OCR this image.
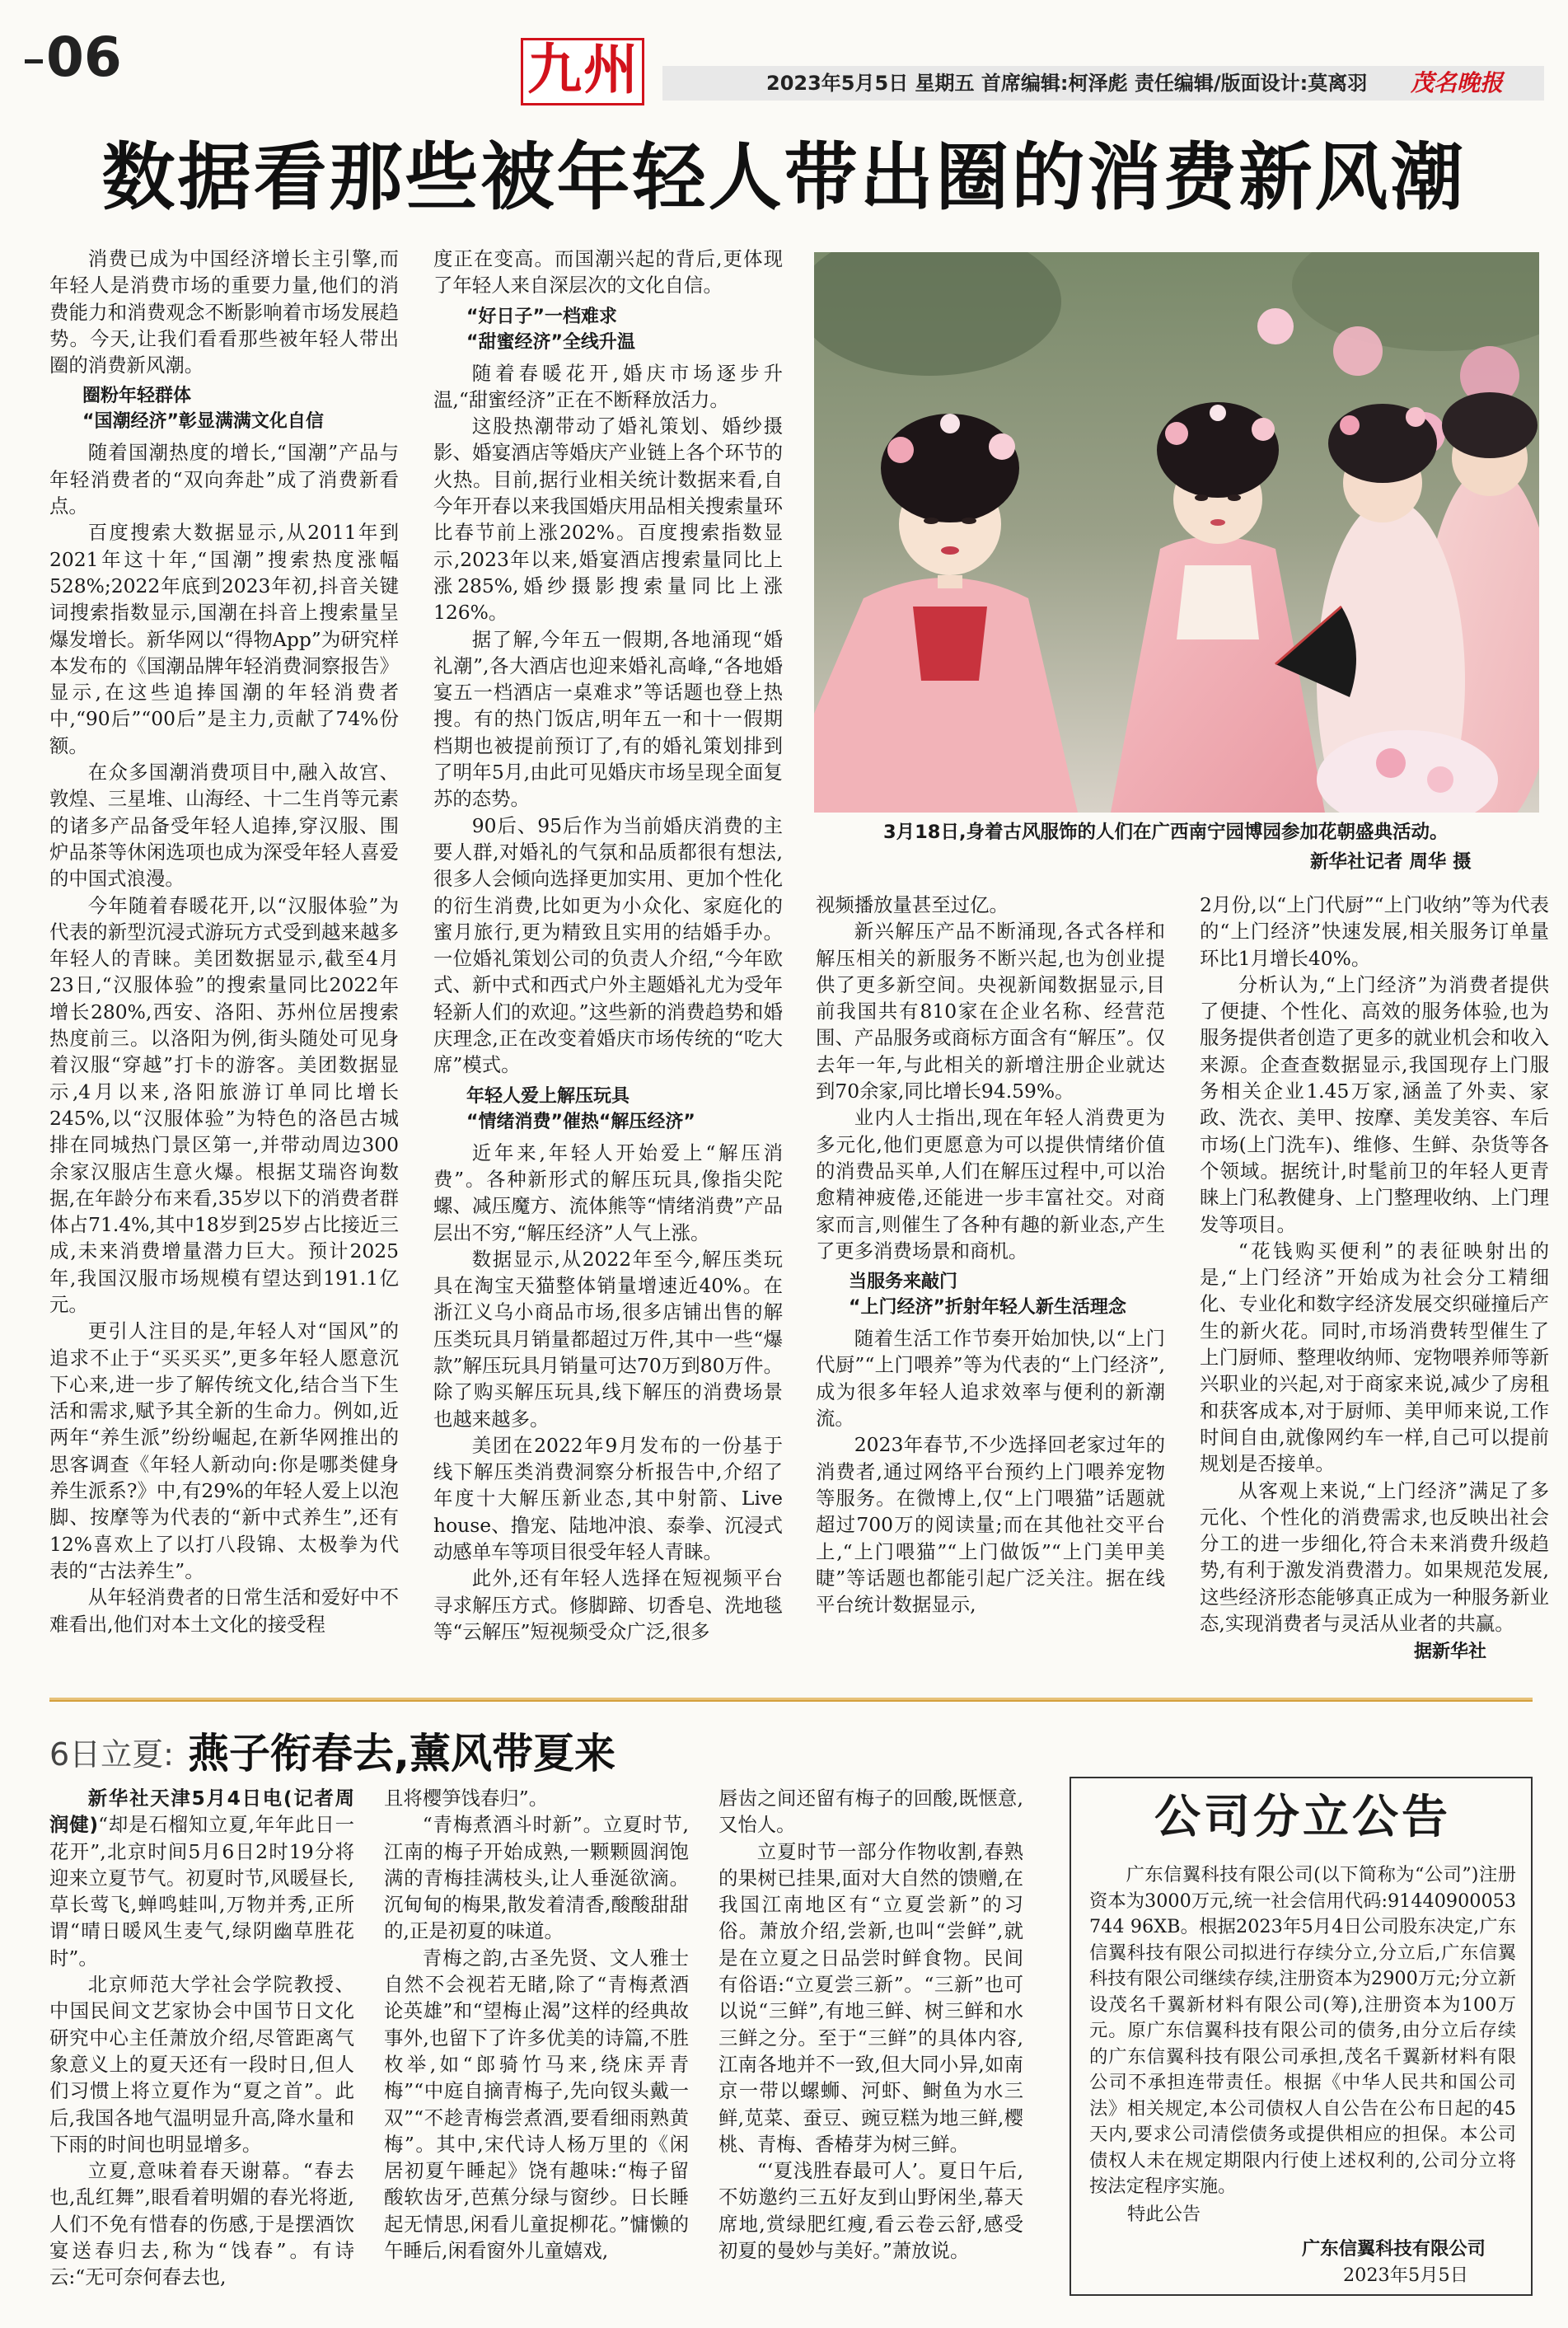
06	九州	2023年5月5日 星期五 首席编辑:柯泽彪 责任编辑/版面设计:莫离羽 茂名晚报
数据看那些被年轻人带出圈的消费新风潮
3月18日,身着古风服饰的人们在广西南宁园博园参加花朝盛典活动。
新华社记者 周华 摄

消费已成为中国经济增长主引擎,而年轻人是消费市场的重要力量,他们的消费能力和消费观念不断影响着市场发展趋势。今天,让我们看看那些被年轻人带出圈的消费新风潮。

圈粉年轻群体
“国潮经济”彰显满满文化自信

随着国潮热度的增长,“国潮”产品与年轻消费者的“双向奔赴”成了消费新看点。

百度搜索大数据显示,从2011年到2021年这十年,“国潮”搜索热度涨幅528%;2022年底到2023年初,抖音关键词搜索指数显示,国潮在抖音上搜索量呈爆发增长。新华网以“得物App”为研究样本发布的《国潮品牌年轻消费洞察报告》显示,在这些追捧国潮的年轻消费者中,“90后”“00后”是主力,贡献了74%份额。

在众多国潮消费项目中,融入故宫、敦煌、三星堆、山海经、十二生肖等元素的诸多产品备受年轻人追捧,穿汉服、围炉品茶等休闲选项也成为深受年轻人喜爱的中国式浪漫。

今年随着春暖花开,以“汉服体验”为代表的新型沉浸式游玩方式受到越来越多年轻人的青睐。美团数据显示,截至4月23日,“汉服体验”的搜索量同比2022年增长280%,西安、洛阳、苏州位居搜索热度前三。以洛阳为例,街头随处可见身着汉服“穿越”打卡的游客。美团数据显示,4月以来,洛阳旅游订单同比增长245%,以“汉服体验”为特色的洛邑古城排在同城热门景区第一,并带动周边300余家汉服店生意火爆。根据艾瑞咨询数据,在年龄分布来看,35岁以下的消费者群体占71.4%,其中18岁到25岁占比接近三成,未来消费增量潜力巨大。预计2025年,我国汉服市场规模有望达到191.1亿元。

更引人注目的是,年轻人对“国风”的追求不止于“买买买”,更多年轻人愿意沉下心来,进一步了解传统文化,结合当下生活和需求,赋予其全新的生命力。例如,近两年“养生派”纷纷崛起,在新华网推出的思客调查《年轻人新动向:你是哪类健身养生派系?》中,有29%的年轻人爱上以泡脚、按摩等为代表的“新中式养生”,还有12%喜欢上了以打八段锦、太极拳为代表的“古法养生”。

从年轻消费者的日常生活和爱好中不难看出,他们对本土文化的接受程

度正在变高。而国潮兴起的背后,更体现了年轻人来自深层次的文化自信。

“好日子”一档难求
“甜蜜经济”全线升温

随着春暖花开,婚庆市场逐步升温,“甜蜜经济”正在不断释放活力。

这股热潮带动了婚礼策划、婚纱摄影、婚宴酒店等婚庆产业链上各个环节的火热。目前,据行业相关统计数据来看,自今年开春以来我国婚庆用品相关搜索量环比春节前上涨202%。百度搜索指数显示,2023年以来,婚宴酒店搜索量同比上涨285%,婚纱摄影搜索量同比上涨126%。

据了解,今年五一假期,各地涌现“婚礼潮”,各大酒店也迎来婚礼高峰,“各地婚宴五一档酒店一桌难求”等话题也登上热搜。有的热门饭店,明年五一和十一假期档期也被提前预订了,有的婚礼策划排到了明年5月,由此可见婚庆市场呈现全面复苏的态势。

90后、95后作为当前婚庆消费的主要人群,对婚礼的气氛和品质都很有想法,很多人会倾向选择更加实用、更加个性化的衍生消费,比如更为小众化、家庭化的蜜月旅行,更为精致且实用的结婚手办。一位婚礼策划公司的负责人介绍,“今年欧式、新中式和西式户外主题婚礼尤为受年轻新人们的欢迎。”这些新的消费趋势和婚庆理念,正在改变着婚庆市场传统的“吃大席”模式。

年轻人爱上解压玩具
“情绪消费”催热“解压经济”

近年来,年轻人开始爱上“解压消费”。各种新形式的解压玩具,像指尖陀螺、减压魔方、流体熊等“情绪消费”产品层出不穷,“解压经济”人气上涨。

数据显示,从2022年至今,解压类玩具在淘宝天猫整体销量增速近40%。在浙江义乌小商品市场,很多店铺出售的解压类玩具月销量都超过万件,其中一些“爆款”解压玩具月销量可达70万到80万件。除了购买解压玩具,线下解压的消费场景也越来越多。

美团在2022年9月发布的一份基于线下解压类消费洞察分析报告中,介绍了年度十大解压新业态,其中射箭、Live house、撸宠、陆地冲浪、泰拳、沉浸式动感单车等项目很受年轻人青睐。

此外,还有年轻人选择在短视频平台寻求解压方式。修脚蹄、切香皂、洗地毯等“云解压”短视频受众广泛,很多

视频播放量甚至过亿。

新兴解压产品不断涌现,各式各样和解压相关的新服务不断兴起,也为创业提供了更多新空间。央视新闻数据显示,目前我国共有810家在企业名称、经营范围、产品服务或商标方面含有“解压”。仅去年一年,与此相关的新增注册企业就达到70余家,同比增长94.59%。

业内人士指出,现在年轻人消费更为多元化,他们更愿意为可以提供情绪价值的消费品买单,人们在解压过程中,可以治愈精神疲倦,还能进一步丰富社交。对商家而言,则催生了各种有趣的新业态,产生了更多消费场景和商机。

当服务来敲门
“上门经济”折射年轻人新生活理念

随着生活工作节奏开始加快,以“上门代厨”“上门喂养”等为代表的“上门经济”,成为很多年轻人追求效率与便利的新潮流。

2023年春节,不少选择回老家过年的消费者,通过网络平台预约上门喂养宠物等服务。在微博上,仅“上门喂猫”话题就超过700万的阅读量;而在其他社交平台上,“上门喂猫”“上门做饭”“上门美甲美睫”等话题也都能引起广泛关注。据在线平台统计数据显示,

2月份,以“上门代厨”“上门收纳”等为代表的“上门经济”快速发展,相关服务订单量环比1月增长40%。

分析认为,“上门经济”为消费者提供了便捷、个性化、高效的服务体验,也为服务提供者创造了更多的就业机会和收入来源。企查查数据显示,我国现存上门服务相关企业1.45万家,涵盖了外卖、家政、洗衣、美甲、按摩、美发美容、车后市场(上门洗车)、维修、生鲜、杂货等各个领域。据统计,时髦前卫的年轻人更青睐上门私教健身、上门整理收纳、上门理发等项目。

“花钱购买便利”的表征映射出的是,“上门经济”开始成为社会分工精细化、专业化和数字经济发展交织碰撞后产生的新火花。同时,市场消费转型催生了上门厨师、整理收纳师、宠物喂养师等新兴职业的兴起,对于商家来说,减少了房租和获客成本,对于厨师、美甲师来说,工作时间自由,就像网约车一样,自己可以提前规划是否接单。

从客观上来说,“上门经济”满足了多元化、个性化的消费需求,也反映出社会分工的进一步细化,符合未来消费升级趋势,有利于激发消费潜力。如果规范发展,这些经济形态能够真正成为一种服务新业态,实现消费者与灵活从业者的共赢。

据新华社
6日立夏: 燕子衔春去,薰风带夏来

新华社天津5月4日电(记者周润健)“却是石榴知立夏,年年此日一花开”,北京时间5月6日2时19分将迎来立夏节气。初夏时节,风暖昼长,草长莺飞,蝉鸣蛙叫,万物并秀,正所谓“晴日暖风生麦气,绿阴幽草胜花时”。

北京师范大学社会学院教授、中国民间文艺家协会中国节日文化研究中心主任萧放介绍,尽管距离气象意义上的夏天还有一段时日,但人们习惯上将立夏作为“夏之首”。此后,我国各地气温明显升高,降水量和下雨的时间也明显增多。

立夏,意味着春天谢幕。“春去也,乱红舞”,眼看着明媚的春光将逝,人们不免有惜春的伤感,于是摆酒饮宴送春归去,称为“饯春”。有诗云:“无可奈何春去也,

且将樱笋饯春归”。

“青梅煮酒斗时新”。立夏时节,江南的梅子开始成熟,一颗颗圆润饱满的青梅挂满枝头,让人垂涎欲滴。沉甸甸的梅果,散发着清香,酸酸甜甜的,正是初夏的味道。

青梅之韵,古圣先贤、文人雅士自然不会视若无睹,除了“青梅煮酒论英雄”和“望梅止渴”这样的经典故事外,也留下了许多优美的诗篇,不胜枚举,如“郎骑竹马来,绕床弄青梅”“中庭自摘青梅子,先向钗头戴一双”“不趁青梅尝煮酒,要看细雨熟黄梅”。其中,宋代诗人杨万里的《闲居初夏午睡起》饶有趣味:“梅子留酸软齿牙,芭蕉分绿与窗纱。日长睡起无情思,闲看儿童捉柳花。”慵懒的午睡后,闲看窗外儿童嬉戏,

唇齿之间还留有梅子的回酸,既惬意,又怡人。

立夏时节一部分作物收割,春熟的果树已挂果,面对大自然的馈赠,在我国江南地区有“立夏尝新”的习俗。萧放介绍,尝新,也叫“尝鲜”,就是在立夏之日品尝时鲜食物。民间有俗语:“立夏尝三新”。“三新”也可以说“三鲜”,有地三鲜、树三鲜和水三鲜之分。至于“三鲜”的具体内容,江南各地并不一致,但大同小异,如南京一带以螺蛳、河虾、鲥鱼为水三鲜,苋菜、蚕豆、豌豆糕为地三鲜,樱桃、青梅、香椿芽为树三鲜。

“‘夏浅胜春最可人’。夏日午后,不妨邀约三五好友到山野闲坐,幕天席地,赏绿肥红瘦,看云卷云舒,感受初夏的曼妙与美好。”萧放说。

公司分立公告
广东信翼科技有限公司(以下简称为“公司”)注册资本为3000万元,统一社会信用代码:91440900053744 96XB。根据2023年5月4日公司股东决定,广东信翼科技有限公司拟进行存续分立,分立后,广东信翼科技有限公司继续存续,注册资本为2900万元;分立新设茂名千翼新材料有限公司(筹),注册资本为100万元。原广东信翼科技有限公司的债务,由分立后存续的广东信翼科技有限公司承担,茂名千翼新材料有限公司不承担连带责任。根据《中华人民共和国公司法》相关规定,本公司债权人自公告在公布日起的45天内,要求公司清偿债务或提供相应的担保。本公司债权人未在规定期限内行使上述权利的,公司分立将按法定程序实施。
特此公告
广东信翼科技有限公司
2023年5月5日
